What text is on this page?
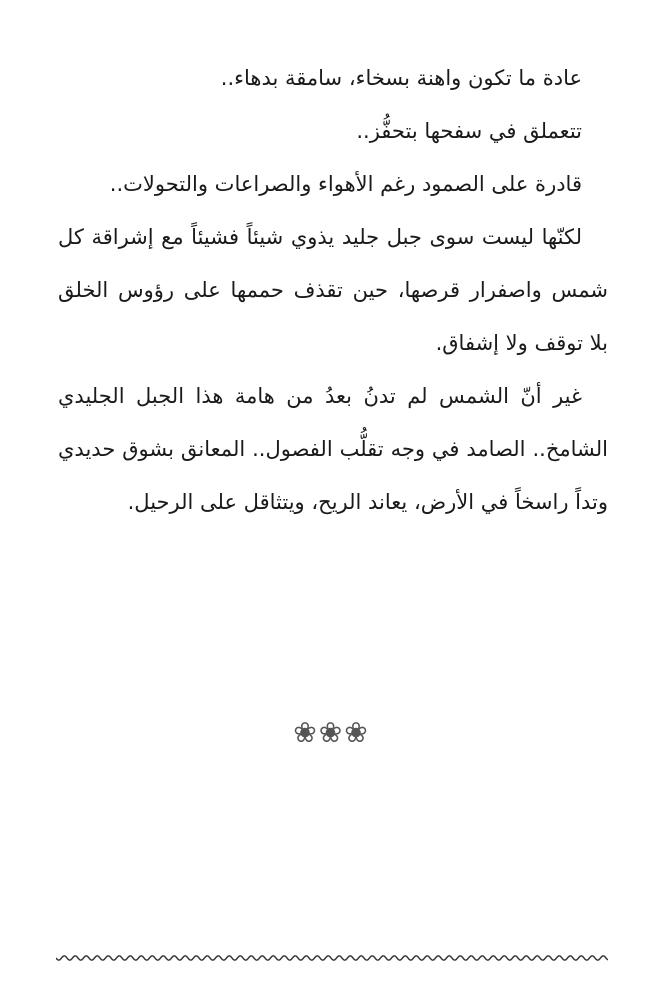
عادة ما تكون واهنة بسخاء، سامقة بدهاء..

تتعملق في سفحها بتحفُّز..

قادرة على الصمود رغم الأهواء والصراعات والتحولات..

لكنّها ليست سوى جبل جليد يذوي شيئاً فشيئاً مع إشراقة كل شمس واصفرار قرصها، حين تقذف حممها على رؤوس الخلق بلا توقف ولا إشفاق.

غير أنّ الشمس لم تدنُ بعدُ من هامة هذا الجبل الجليدي الشامخ.. الصامد في وجه تقلُّب الفصول.. المعانق بشوق حديدي وتداً راسخاً في الأرض، يعاند الريح، ويتثاقل على الرحيل.

❀❀❀
